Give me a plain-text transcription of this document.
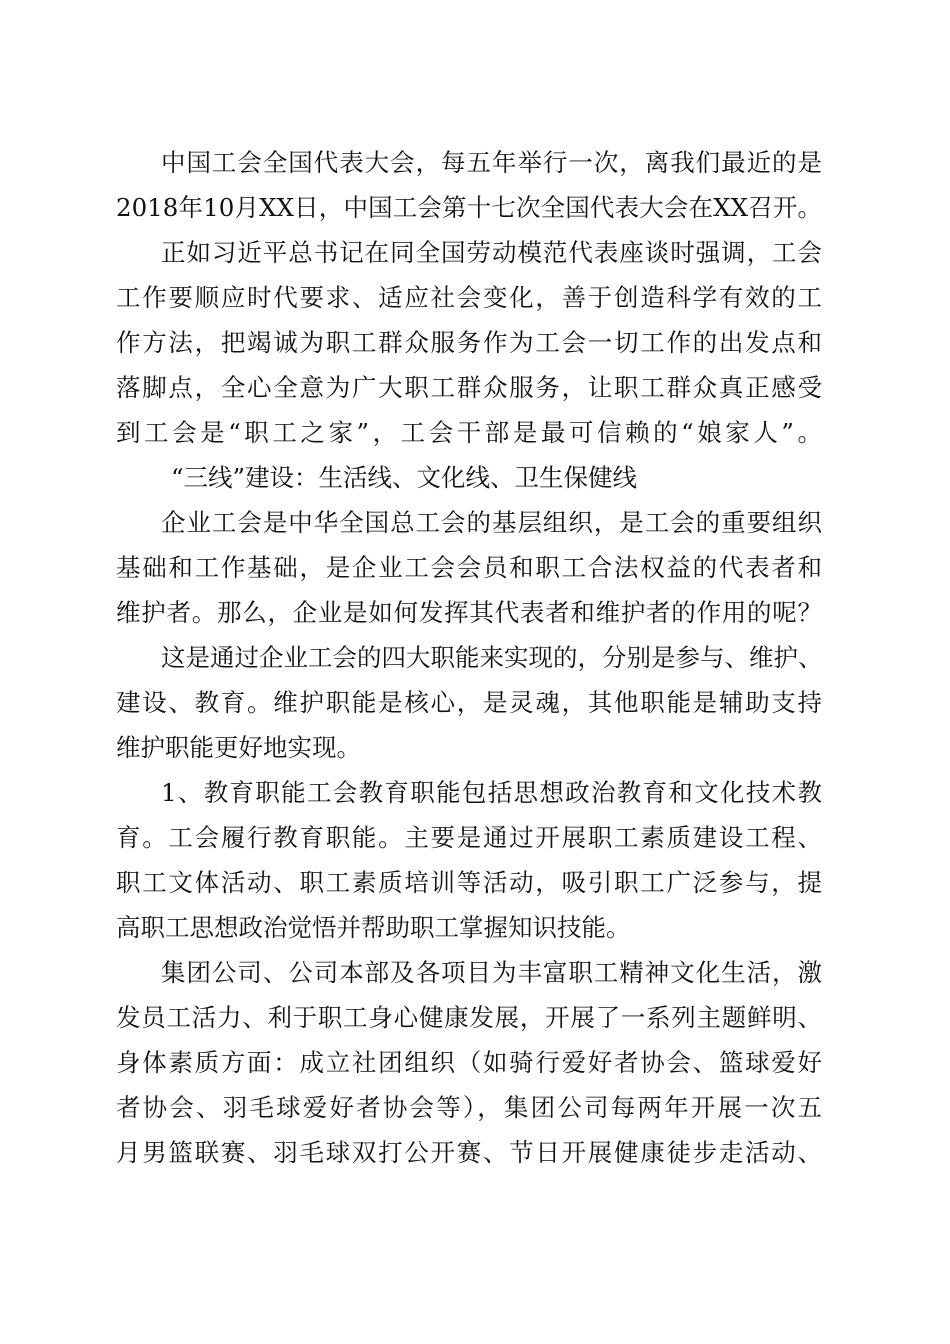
中国工会全国代表大会，每五年举行一次，离我们最近的是
2018年10月XX日，中国工会第十七次全国代表大会在XX召开。
正如习近平总书记在同全国劳动模范代表座谈时强调，工会
工作要顺应时代要求、适应社会变化，善于创造科学有效的工
作方法，把竭诚为职工群众服务作为工会一切工作的出发点和
落脚点，全心全意为广大职工群众服务，让职工群众真正感受
到工会是“职工之家”，工会干部是最可信赖的“娘家人”。
“三线”建设：生活线、文化线、卫生保健线
企业工会是中华全国总工会的基层组织，是工会的重要组织
基础和工作基础，是企业工会会员和职工合法权益的代表者和
维护者。那么，企业是如何发挥其代表者和维护者的作用的呢？
这是通过企业工会的四大职能来实现的，分别是参与、维护、
建设、教育。维护职能是核心，是灵魂，其他职能是辅助支持
维护职能更好地实现。
1、教育职能工会教育职能包括思想政治教育和文化技术教
育。工会履行教育职能。主要是通过开展职工素质建设工程、
职工文体活动、职工素质培训等活动，吸引职工广泛参与，提
高职工思想政治觉悟并帮助职工掌握知识技能。
集团公司、公司本部及各项目为丰富职工精神文化生活，激
发员工活力、利于职工身心健康发展，开展了一系列主题鲜明、
身体素质方面：成立社团组织（如骑行爱好者协会、篮球爱好
者协会、羽毛球爱好者协会等），集团公司每两年开展一次五
月男篮联赛、羽毛球双打公开赛、节日开展健康徒步走活动、
